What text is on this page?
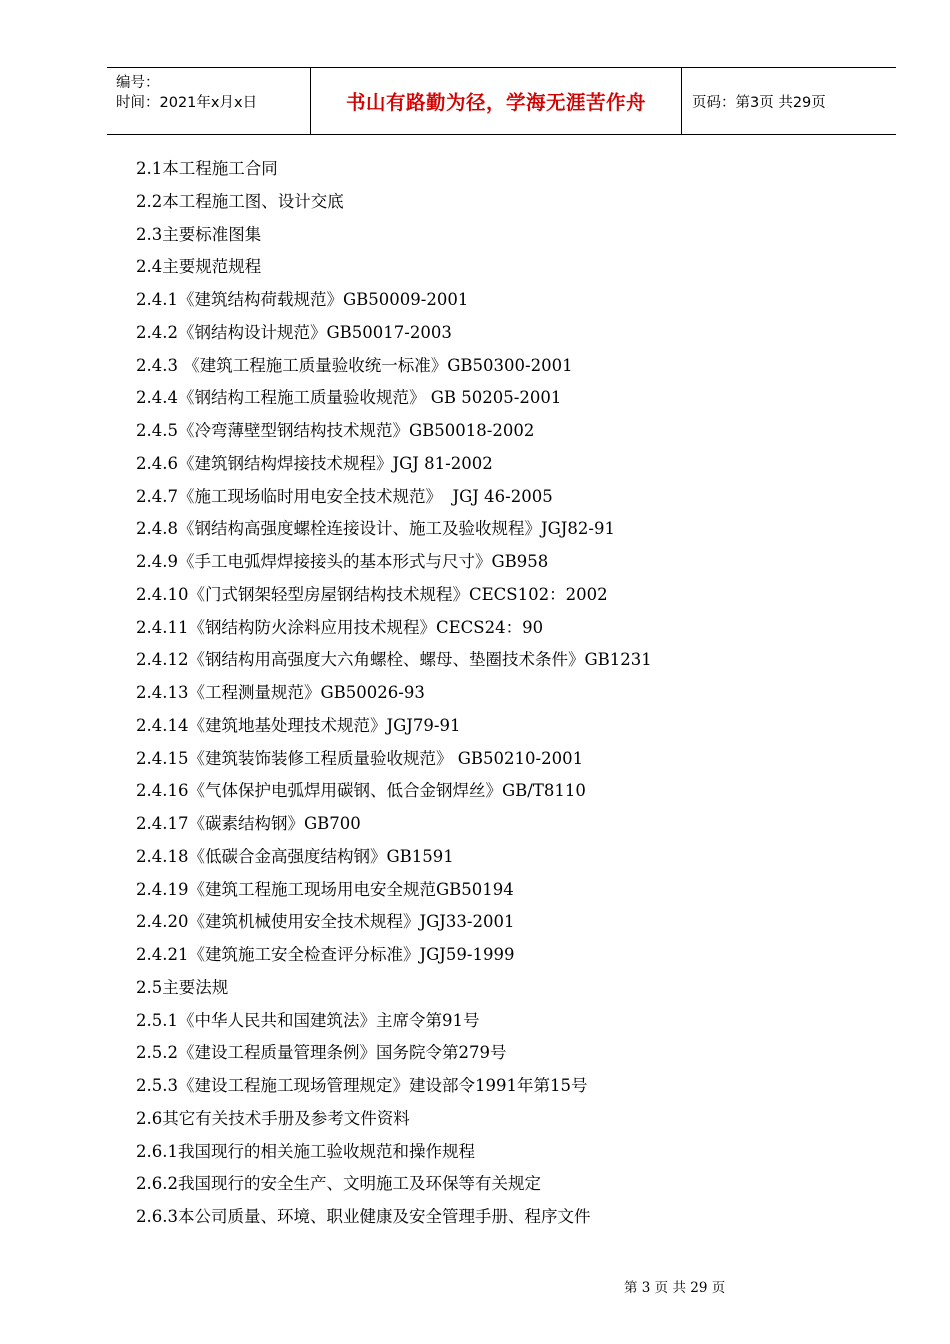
编号：
时间：2021年x月x日	书山有路勤为径，学海无涯苦作舟	页码：第3页 共29页
2.1本工程施工合同
2.2本工程施工图、设计交底
2.3主要标准图集
2.4主要规范规程
2.4.1《建筑结构荷载规范》GB50009-2001
2.4.2《钢结构设计规范》GB50017-2003
2.4.3 《建筑工程施工质量验收统一标准》GB50300-2001
2.4.4《钢结构工程施工质量验收规范》 GB 50205-2001
2.4.5《冷弯薄壁型钢结构技术规范》GB50018-2002
2.4.6《建筑钢结构焊接技术规程》JGJ 81-2002
2.4.7《施工现场临时用电安全技术规范》  JGJ 46-2005
2.4.8《钢结构高强度螺栓连接设计、施工及验收规程》JGJ82-91
2.4.9《手工电弧焊焊接接头的基本形式与尺寸》GB958
2.4.10《门式钢架轻型房屋钢结构技术规程》CECS102：2002
2.4.11《钢结构防火涂料应用技术规程》CECS24：90
2.4.12《钢结构用高强度大六角螺栓、螺母、垫圈技术条件》GB1231
2.4.13《工程测量规范》GB50026-93
2.4.14《建筑地基处理技术规范》JGJ79-91
2.4.15《建筑装饰装修工程质量验收规范》 GB50210-2001
2.4.16《气体保护电弧焊用碳钢、低合金钢焊丝》GB/T8110
2.4.17《碳素结构钢》GB700
2.4.18《低碳合金高强度结构钢》GB1591
2.4.19《建筑工程施工现场用电安全规范GB50194
2.4.20《建筑机械使用安全技术规程》JGJ33-2001
2.4.21《建筑施工安全检查评分标准》JGJ59-1999
2.5主要法规
2.5.1《中华人民共和国建筑法》主席令第91号
2.5.2《建设工程质量管理条例》国务院令第279号
2.5.3《建设工程施工现场管理规定》建设部令1991年第15号
2.6其它有关技术手册及参考文件资料
2.6.1我国现行的相关施工验收规范和操作规程
2.6.2我国现行的安全生产、文明施工及环保等有关规定
2.6.3本公司质量、环境、职业健康及安全管理手册、程序文件
第 3 页 共 29 页
